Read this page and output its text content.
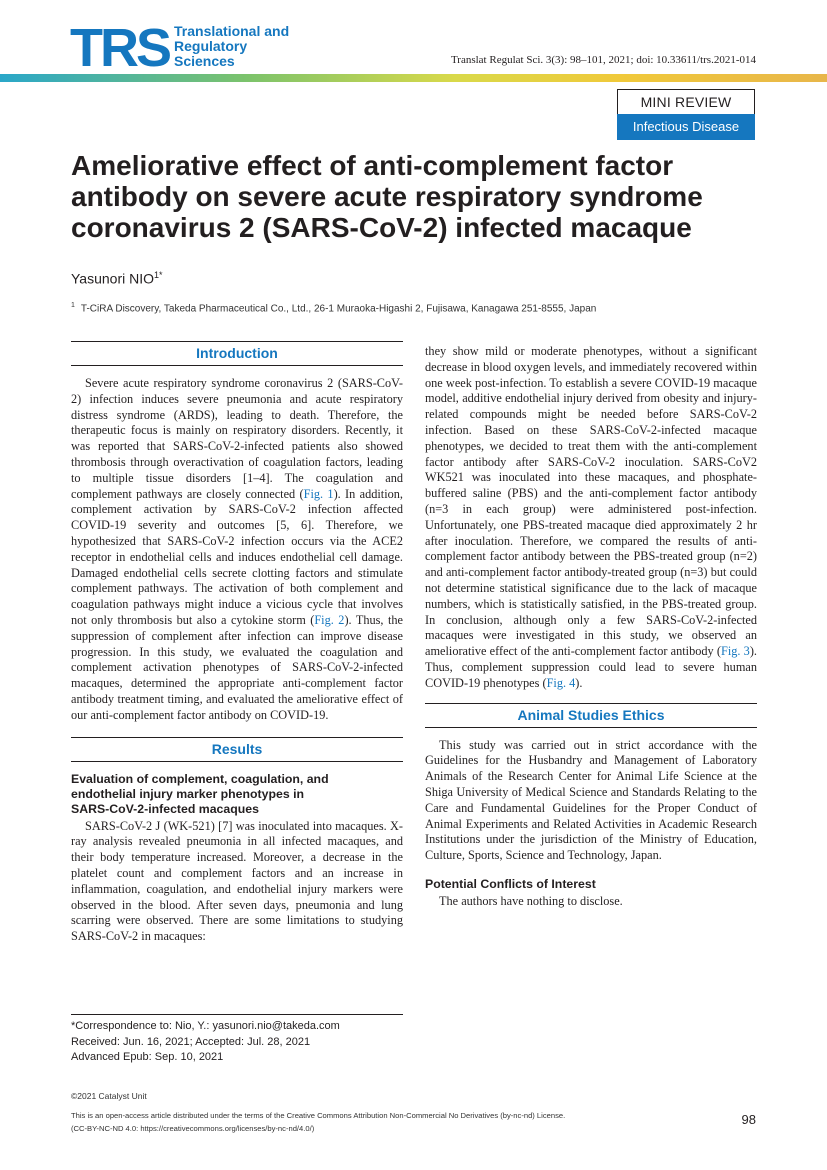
TRS Translational and
Regulatory
Sciences	Translat Regulat Sci. 3(3): 98–101, 2021; doi: 10.33611/trs.2021-014
MINI REVIEW
Infectious Disease
Ameliorative effect of anti-complement factor antibody on severe acute respiratory syndrome coronavirus 2 (SARS-CoV-2) infected macaque
Yasunori $NIO^{1*}$
$^1$ T-CiRA Discovery, Takeda Pharmaceutical Co., Ltd., 26-1 Muraoka-Higashi 2, Fujisawa, Kanagawa 251-8555, Japan
Introduction

Severe acute respiratory syndrome coronavirus 2 (SARS-CoV-2) infection induces severe pneumonia and acute respiratory distress syndrome (ARDS), leading to death. Therefore, the therapeutic focus is mainly on respiratory disorders. Recently, it was reported that SARS-CoV-2-infected patients also showed thrombosis through overactivation of coagulation factors, leading to multiple tissue disorders [1–4]. The coagulation and complement pathways are closely connected (Fig. 1). In addition, complement activation by SARS-CoV-2 infection affected COVID-19 severity and outcomes [5, 6]. Therefore, we hypothesized that SARS-CoV-2 infection occurs via the ACE2 receptor in endothelial cells and induces endothelial cell damage. Damaged endothelial cells secrete clotting factors and stimulate complement pathways. The activation of both complement and coagulation pathways might induce a vicious cycle that involves not only thrombosis but also a cytokine storm (Fig. 2). Thus, the suppression of complement after infection can improve disease progression. In this study, we evaluated the coagulation and complement activation phenotypes of SARS-CoV-2-infected macaques, determined the appropriate anti-complement factor antibody treatment timing, and evaluated the ameliorative effect of our anti-complement factor antibody on COVID-19.

Results
Evaluation of complement, coagulation, and endothelial injury marker phenotypes in SARS-CoV-2-infected macaques

SARS-CoV-2 J (WK-521) [7] was inoculated into macaques. X-ray analysis revealed pneumonia in all infected macaques, and their body temperature increased. Moreover, a decrease in the platelet count and complement factors and an increase in inflammation, coagulation, and endothelial injury markers were observed in the blood. After seven days, pneumonia and lung scarring were observed. There are some limitations to studying SARS-CoV-2 in macaques:

they show mild or moderate phenotypes, without a significant decrease in blood oxygen levels, and immediately recovered within one week post-infection. To establish a severe COVID-19 macaque model, additive endothelial injury derived from obesity and injury-related compounds might be needed before SARS-CoV-2 infection. Based on these SARS-CoV-2-infected macaque phenotypes, we decided to treat them with the anti-complement factor antibody after SARS-CoV-2 inoculation. SARS-CoV2 WK521 was inoculated into these macaques, and phosphate-buffered saline (PBS) and the anti-complement factor antibody (n=3 in each group) were administered post-infection. Unfortunately, one PBS-treated macaque died approximately 2 hr after inoculation. Therefore, we compared the results of anti-complement factor antibody between the PBS-treated group (n=2) and anti-complement factor antibody-treated group (n=3) but could not determine statistical significance due to the lack of macaque numbers, which is statistically satisfied, in the PBS-treated group. In conclusion, although only a few SARS-CoV-2-infected macaques were investigated in this study, we observed an ameliorative effect of the anti-complement factor antibody (Fig. 3). Thus, complement suppression could lead to severe human COVID-19 phenotypes (Fig. 4).

Animal Studies Ethics

This study was carried out in strict accordance with the Guidelines for the Husbandry and Management of Laboratory Animals of the Research Center for Animal Life Science at the Shiga University of Medical Science and Standards Relating to the Care and Fundamental Guidelines for the Proper Conduct of Animal Experiments and Related Activities in Academic Research Institutions under the jurisdiction of the Ministry of Education, Culture, Sports, Science and Technology, Japan.

Potential Conflicts of Interest

The authors have nothing to disclose.

*Correspondence to: Nio, Y.: yasunori.nio@takeda.com
Received: Jun. 16, 2021; Accepted: Jul. 28, 2021
Advanced Epub: Sep. 10, 2021
©2021 Catalyst Unit
This is an open-access article distributed under the terms of the Creative Commons Attribution Non-Commercial No Derivatives (by-nc-nd) License.
(CC-BY-NC-ND 4.0: https://creativecommons.org/licenses/by-nc-nd/4.0/)
98
